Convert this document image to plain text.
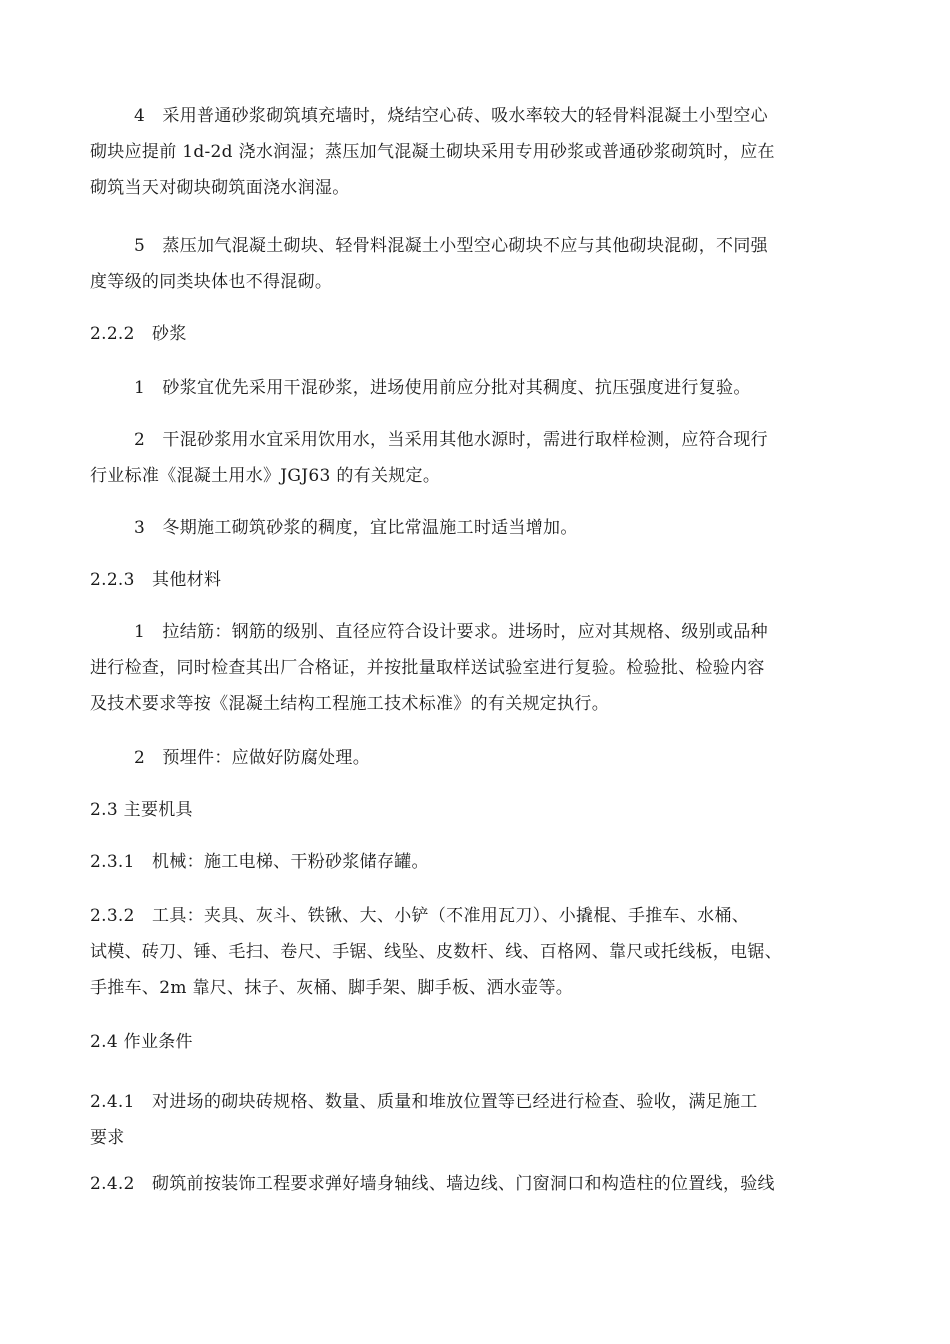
4　采用普通砂浆砌筑填充墙时，烧结空心砖、吸水率较大的轻骨料混凝土小型空心
砌块应提前 1d-2d 浇水润湿；蒸压加气混凝土砌块采用专用砂浆或普通砂浆砌筑时，应在
砌筑当天对砌块砌筑面浇水润湿。
5　蒸压加气混凝土砌块、轻骨料混凝土小型空心砌块不应与其他砌块混砌，不同强
度等级的同类块体也不得混砌。
2.2.2　砂浆
1　砂浆宜优先采用干混砂浆，进场使用前应分批对其稠度、抗压强度进行复验。
2　干混砂浆用水宜采用饮用水，当采用其他水源时，需进行取样检测，应符合现行
行业标准《混凝土用水》JGJ63 的有关规定。
3　冬期施工砌筑砂浆的稠度，宜比常温施工时适当增加。
2.2.3　其他材料
1　拉结筋：钢筋的级别、直径应符合设计要求。进场时，应对其规格、级别或品种
进行检查，同时检查其出厂合格证，并按批量取样送试验室进行复验。检验批、检验内容
及技术要求等按《混凝土结构工程施工技术标准》的有关规定执行。
2　预埋件：应做好防腐处理。
2.3 主要机具
2.3.1　机械：施工电梯、干粉砂浆储存罐。
2.3.2　工具：夹具、灰斗、铁锹、大、小铲（不准用瓦刀）、小撬棍、手推车、水桶、
试模、砖刀、锤、毛扫、卷尺、手锯、线坠、皮数杆、线、百格网、靠尺或托线板，电锯、
手推车、2m 靠尺、抹子、灰桶、脚手架、脚手板、洒水壶等。
2.4 作业条件
2.4.1　对进场的砌块砖规格、数量、质量和堆放位置等已经进行检查、验收，满足施工
要求
2.4.2　砌筑前按装饰工程要求弹好墙身轴线、墙边线、门窗洞口和构造柱的位置线，验线
